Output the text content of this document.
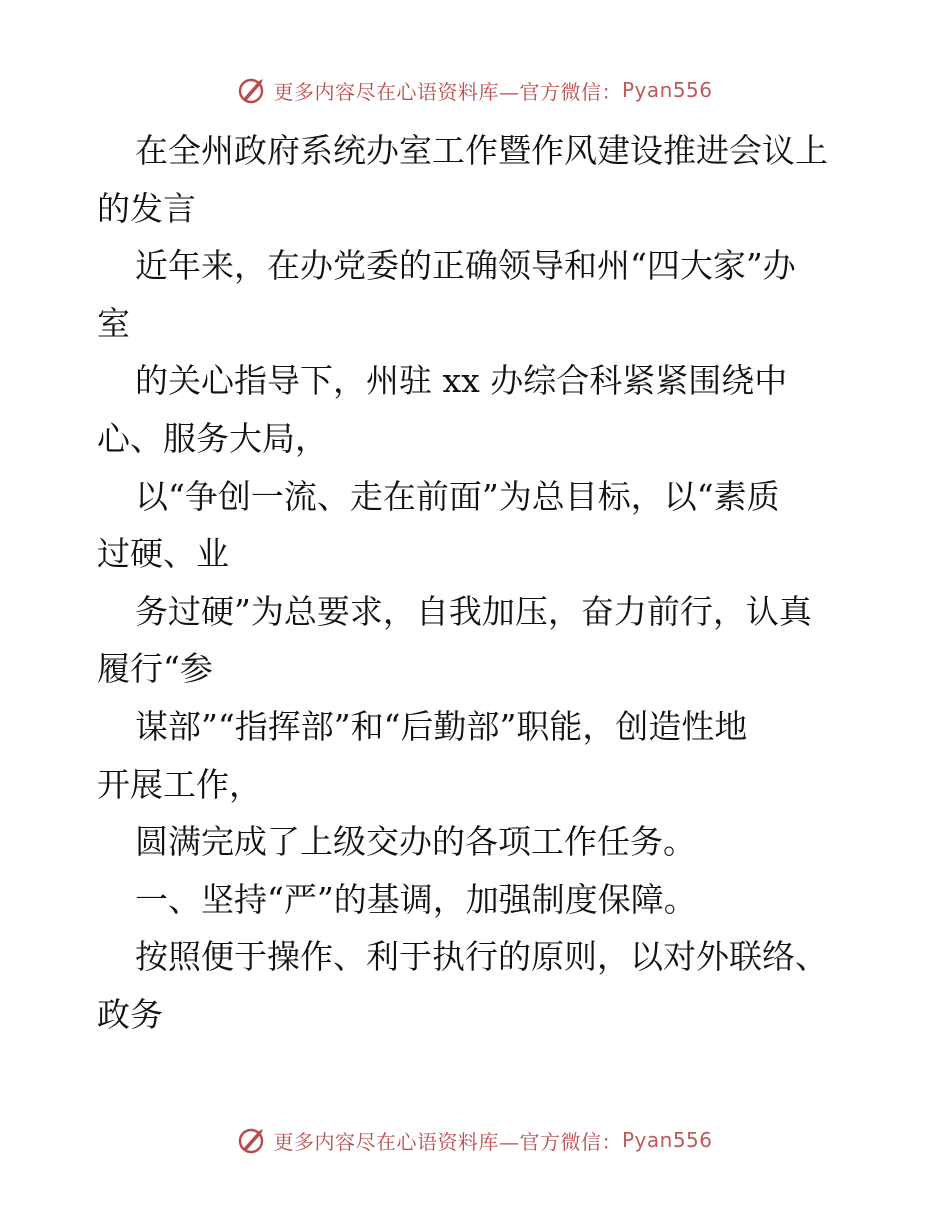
更多内容尽在心语资料库—官方微信： Pyan556

在全州政府系统办室工作暨作风建设推进会议上

的发言

近年来，在办党委的正确领导和州“四大家”办

室

的关心指导下，州驻 xx 办综合科紧紧围绕中

心、服务大局，

以“争创一流、走在前面”为总目标，以“素质

过硬、业

务过硬”为总要求，自我加压，奋力前行，认真

履行“参

谋部”“指挥部”和“后勤部”职能，创造性地

开展工作，

圆满完成了上级交办的各项工作任务。

一、坚持“严”的基调，加强制度保障。

按照便于操作、利于执行的原则，以对外联络、

政务

更多内容尽在心语资料库—官方微信： Pyan556
